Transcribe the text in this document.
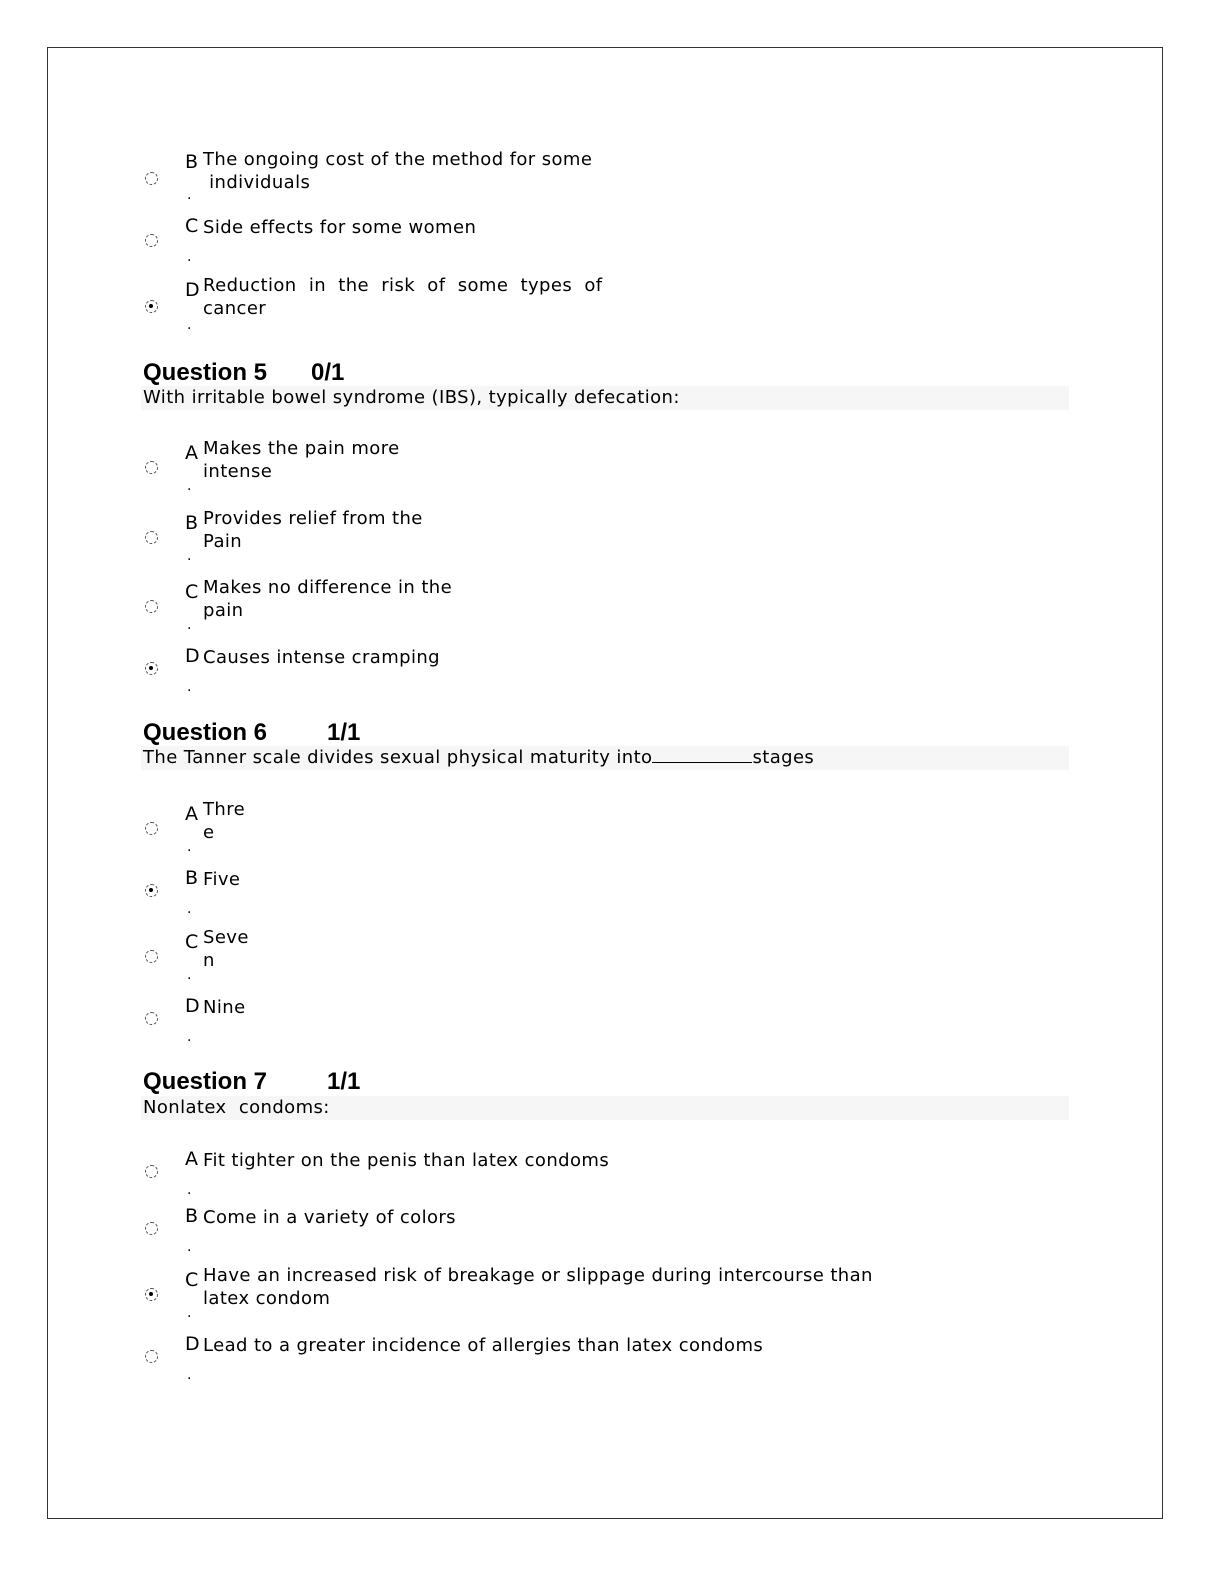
B
.
The ongoing cost of the method for some
individuals
C
.
Side effects for some women
D
.
Reduction  in  the  risk  of  some  types  of
cancer
Question 5 0/1
With irritable bowel syndrome (IBS), typically defecation:
A
.
Makes the pain more
intense
B
.
Provides relief from the
Pain
C
.
Makes no difference in the
pain
D
.
Causes intense cramping
Question 6 1/1
The Tanner scale divides sexual physical maturity into	stages
A
.
Thre
e
B
.
Five
C
.
Seve
n
D
.
Nine
Question 7 1/1
Nonlatex  condoms:
A
.
Fit tighter on the penis than latex condoms
B
.
Come in a variety of colors
C
.
Have an increased risk of breakage or slippage during intercourse than
latex condom
D
.
Lead to a greater incidence of allergies than latex condoms
